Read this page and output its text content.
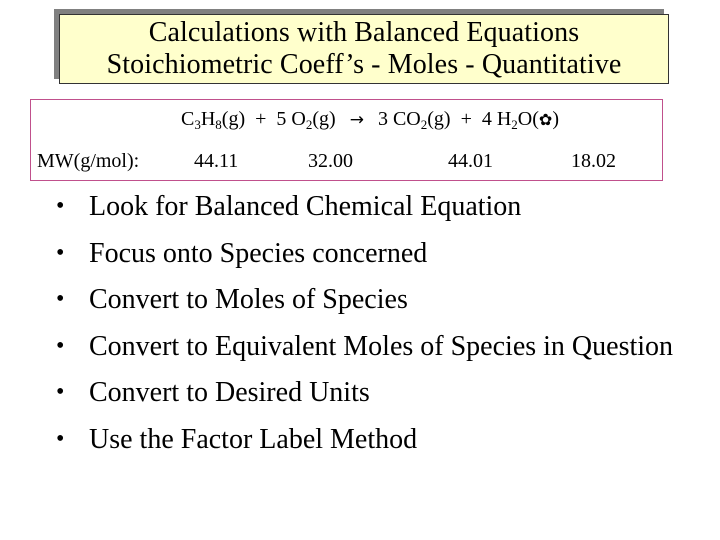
Calculations with Balanced Equations
Stoichiometric Coeff’s - Moles - Quantitative
$C_3H_8(g) + 5$ $O_2(g) \to 3$ $CO_2(g) + 4$ $H_2O(✿)$
MW(g/mol):	44.11	32.00	44.01	18.02
• Look for Balanced Chemical Equation
• Focus onto Species concerned
• Convert to Moles of Species
• Convert to Equivalent Moles of Species in Question
• Convert to Desired Units
• Use the Factor Label Method
